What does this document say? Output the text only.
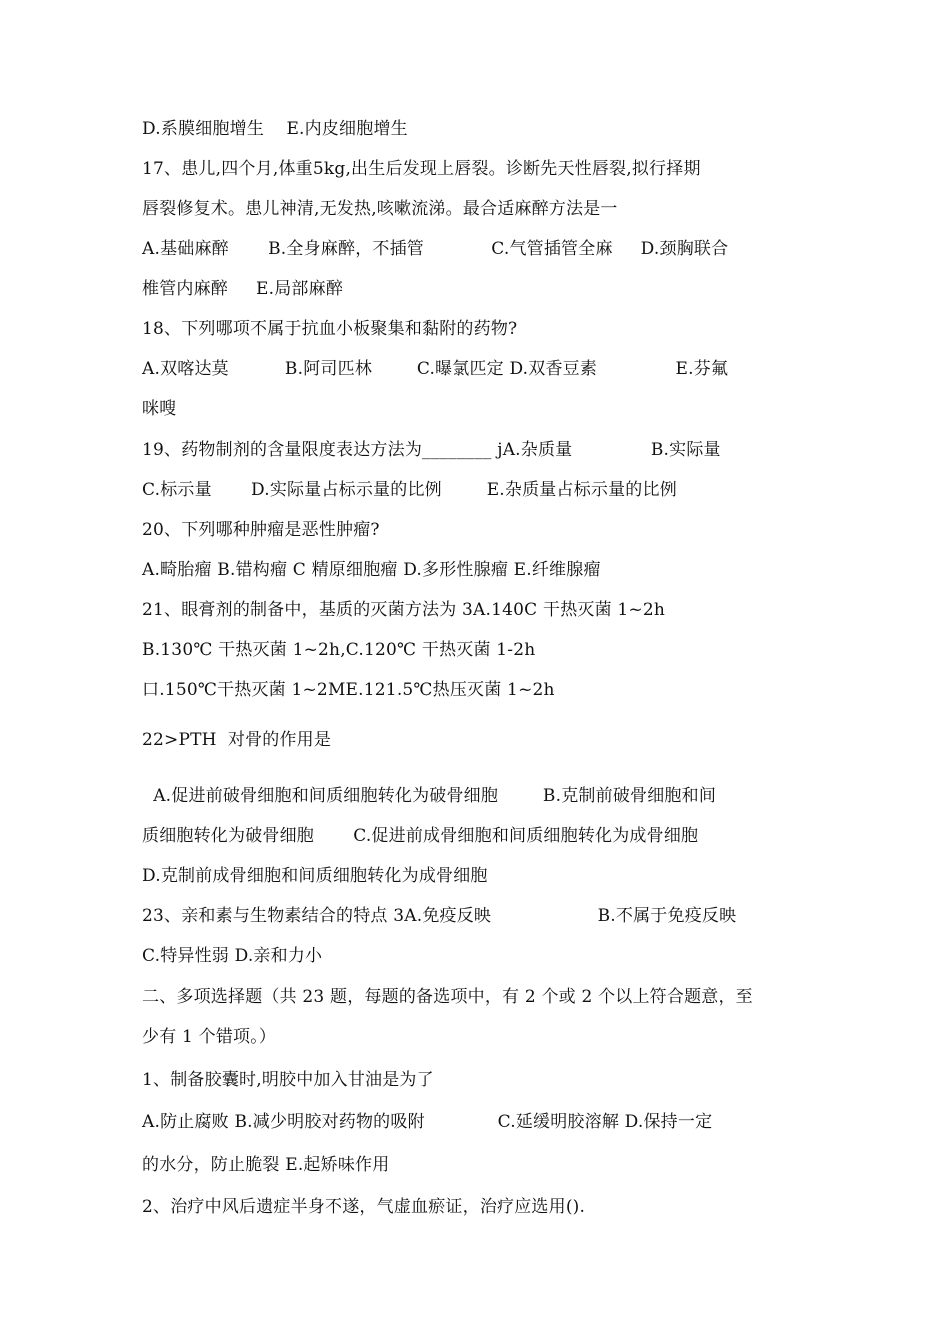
D.系膜细胞增生    E.内皮细胞增生
17、患儿,四个月,体重5kg,出生后发现上唇裂。诊断先天性唇裂,拟行择期
唇裂修复术。患儿神清,无发热,咳嗽流涕。最合适麻醉方法是一
A.基础麻醉       B.全身麻醉，不插管            C.气管插管全麻     D.颈胸联合
椎管内麻醉     E.局部麻醉
18、下列哪项不属于抗血小板聚集和黏附的药物?
A.双喀达莫          B.阿司匹林        C.曝氯匹定 D.双香豆素              E.芬氟
咪嗖
19、药物制剂的含量限度表达方法为________ jA.杂质量              B.实际量
C.标示量       D.实际量占标示量的比例        E.杂质量占标示量的比例
20、下列哪种肿瘤是恶性肿瘤?
A.畸胎瘤 B.错构瘤 C 精原细胞瘤 D.多形性腺瘤 E.纤维腺瘤
21、眼膏剂的制备中，基质的灭菌方法为 3A.140C 干热灭菌 1~2h
B.130℃ 干热灭菌 1~2h,C.120℃ 干热灭菌 1-2h
口.150℃干热灭菌 1~2ME.121.5℃热压灭菌 1~2h
22>PTH  对骨的作用是
A.促进前破骨细胞和间质细胞转化为破骨细胞        B.克制前破骨细胞和间
质细胞转化为破骨细胞       C.促进前成骨细胞和间质细胞转化为成骨细胞
D.克制前成骨细胞和间质细胞转化为成骨细胞
23、亲和素与生物素结合的特点 3A.免疫反映                   B.不属于免疫反映
C.特异性弱 D.亲和力小
二、多项选择题（共 23 题，每题的备选项中，有 2 个或 2 个以上符合题意，至
少有 1 个错项。）
1、制备胶囊时,明胶中加入甘油是为了
A.防止腐败 B.减少明胶对药物的吸附             C.延缓明胶溶解 D.保持一定
的水分，防止脆裂 E.起矫味作用
2、治疗中风后遗症半身不遂，气虚血瘀证，治疗应选用().
